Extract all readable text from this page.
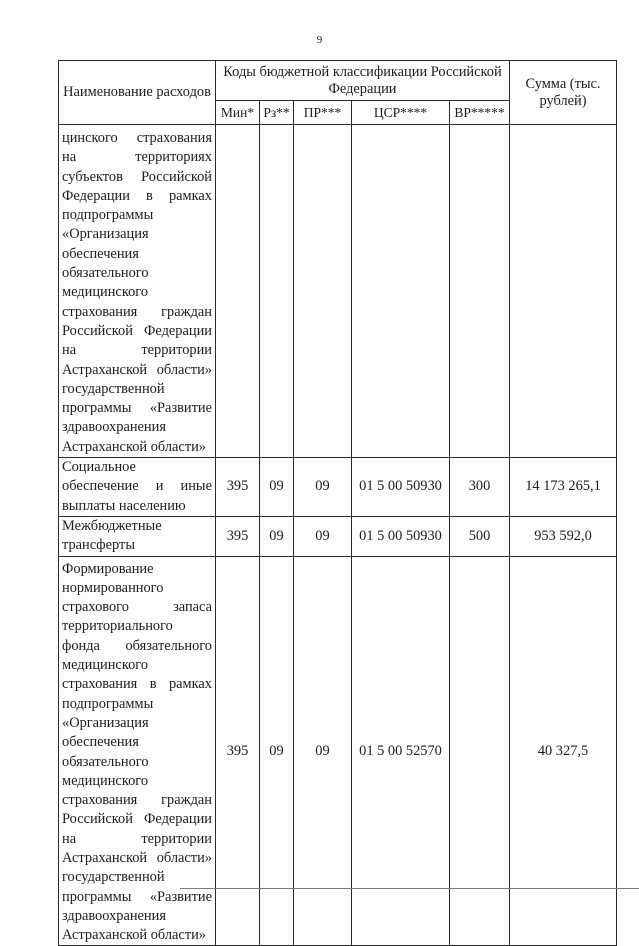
9
Наименование расходов	Коды бюджетной классификации Российской Федерации					Сумма (тыс. рублей)
	Мин*	Рз**	ПР***	ЦСР****	ВР*****	
цинского страхования на территориях субъектов Российской Федерации в рамках подпрограммы «Организация обеспечения обязательного медицинского страхования граждан Российской Федерации на территории Астраханской области» государственной программы «Развитие здравоохранения Астраханской области»						
Социальное обеспечение и иные выплаты населению	395	09	09	01 5 00 50930	300	14 173 265,1
Межбюджетные трансферты	395	09	09	01 5 00 50930	500	953 592,0
Формирование нормированного страхового запаса территориального фонда обязательного медицинского страхования в рамках подпрограммы «Организация обеспечения обязательного медицинского страхования граждан Российской Федерации на территории Астраханской области» государственной программы «Развитие здравоохранения Астраханской области»	395	09	09	01 5 00 52570		40 327,5
